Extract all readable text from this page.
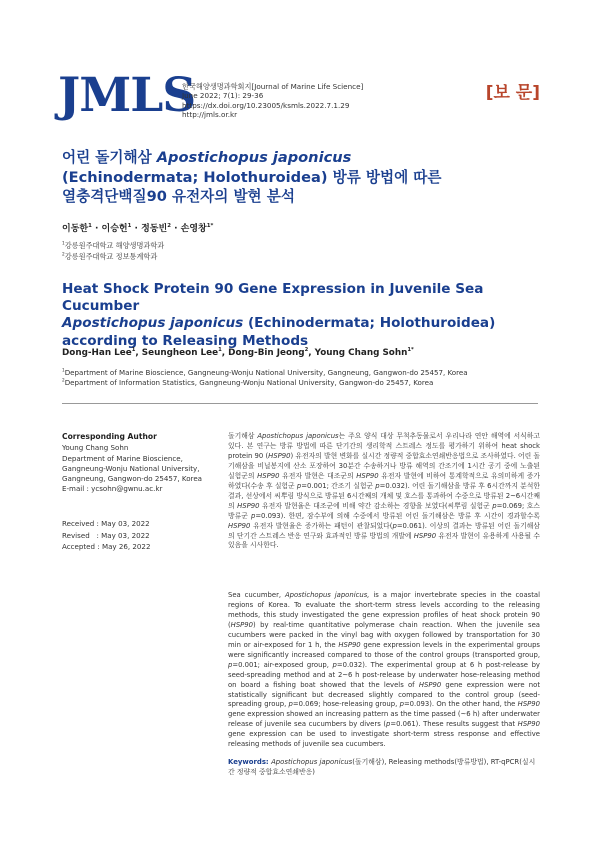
JMLS
한국해양생명과학회지[Journal of Marine Life Science]
June 2022; 7(1): 29-36
https://dx.doi.org/10.23005/ksmls.2022.7.1.29
http://jmls.or.kr
[보 문]
어린 돌기해삼 Apostichopus japonicus
(Echinodermata; Holothuroidea) 방류 방법에 따른
열충격단백질90 유전자의 발현 분석
이동한$^1$ · 이승헌$^1$ · 정동빈$^2$ · 손영창$^{1*}$
$^1$강릉원주대학교 해양생명과학과
$^2$강릉원주대학교 정보통계학과
Heat Shock Protein 90 Gene Expression in Juvenile Sea Cucumber
Apostichopus japonicus (Echinodermata; Holothuroidea)
according to Releasing Methods
Dong-Han Lee$^1$, Seungheon Lee$^1$, Dong-Bin Jeong$^2$, Young Chang Sohn$^{1*}$
$^1$Department of Marine Bioscience, Gangneung-Wonju National University, Gangneung, Gangwon-do 25457, Korea
$^2$Department of Information Statistics, Gangneung-Wonju National University, Gangwon-do 25457, Korea
Corresponding Author
Young Chang Sohn
Department of Marine Bioscience,
Gangneung-Wonju National University,
Gangneung, Gangwon-do 25457, Korea
E-mail : ycsohn@gwnu.ac.kr
Received : May 03, 2022
Revised   : May 03, 2022
Accepted : May 26, 2022
돌기해삼 Apostichopus japonicus는 주요 양식 대상 무척추동물로서 우리나라 연안 해역에 서식하고 있다. 본 연구는 방류 방법에 따른 단기간의 생리학적 스트레스 정도를 평가하기 위하여 heat shock protein 90 (HSP90) 유전자의 발현 변화를 실시간 정량적 중합효소연쇄반응법으로 조사하였다. 어린 돌기해삼을 비닐봉지에 산소 포장하여 30분간 수송하거나 방류 해역의 간조기에 1시간 공기 중에 노출된 실험군의 HSP90 유전자 발현은 대조군의 HSP90 유전자 발현에 비하여 통계학적으로 유의미하게 증가하였다(수송 후 실험군 p=0.001; 간조기 실험군 p=0.032). 어린 돌기해삼을 방류 후 6시간까지 분석한 결과, 선상에서 씨뿌림 방식으로 방류된 6시간째의 개체 및 호스를 통과하여 수중으로 방류된 2~6시간째의 HSP90 유전자 발현율은 대조군에 비해 약간 감소하는 경향을 보였다(씨뿌림 실험군 p=0.069; 호스 방류군 p=0.093). 한편, 잠수부에 의해 수중에서 방류된 어린 돌기해삼은 방류 후 시간이 경과할수록 HSP90 유전자 발현율은 증가하는 패턴이 관찰되었다(p=0.061). 이상의 결과는 방류된 어린 돌기해삼의 단기간 스트레스 반응 연구와 효과적인 방류 방법의 개발에 HSP90 유전자 발현이 유용하게 사용될 수 있음을 시사한다.
Sea cucumber, Apostichopus japonicus, is a major invertebrate species in the coastal regions of Korea. To evaluate the short-term stress levels according to the releasing methods, this study investigated the gene expression profiles of heat shock protein 90 (HSP90) by real-time quantitative polymerase chain reaction. When the juvenile sea cucumbers were packed in the vinyl bag with oxygen followed by transportation for 30 min or air-exposed for 1 h, the HSP90 gene expression levels in the experimental groups were significantly increased compared to those of the control groups (transported group, p=0.001; air-exposed group, p=0.032). The experimental group at 6 h post-release by seed-spreading method and at 2~6 h post-release by underwater hose-releasing method on board a fishing boat showed that the levels of HSP90 gene expression were not statistically significant but decreased slightly compared to the control group (seed-spreading group, p=0.069; hose-releasing group, p=0.093). On the other hand, the HSP90 gene expression showed an increasing pattern as the time passed (~6 h) after underwater release of juvenile sea cucumbers by divers (p=0.061). These results suggest that HSP90 gene expression can be used to investigate short-term stress response and effective releasing methods of juvenile sea cucumbers.
Keywords: Apostichopus japonicus(돌기해삼), Releasing methods(방류방법), RT-qPCR(실시간 정량적 중합효소연쇄반응)
